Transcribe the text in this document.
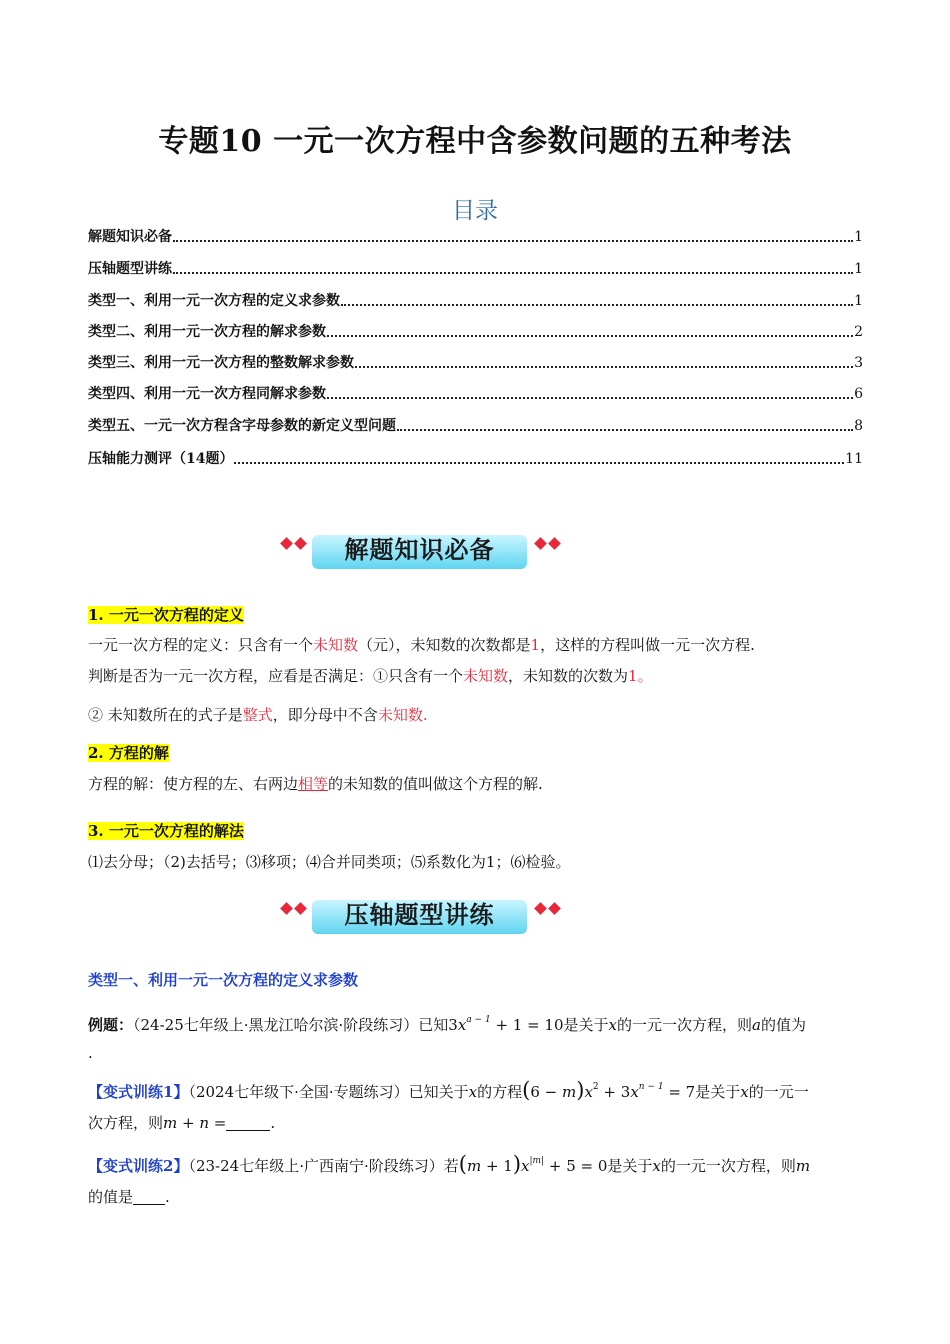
专题10 一元一次方程中含参数问题的五种考法
目录
解题知识必备	1
压轴题型讲练	1
类型一、利用一元一次方程的定义求参数	1
类型二、利用一元一次方程的解求参数	2
类型三、利用一元一次方程的整数解求参数	3
类型四、利用一元一次方程同解求参数	6
类型五、一元一次方程含字母参数的新定义型问题	8
压轴能力测评（14题）	11
解题知识必备
1. 一元一次方程的定义
一元一次方程的定义：只含有一个未知数（元），未知数的次数都是1，这样的方程叫做一元一次方程.
判断是否为一元一次方程，应看是否满足：①只含有一个未知数，未知数的次数为1。
② 未知数所在的式子是整式，即分母中不含未知数.
2. 方程的解
方程的解：使方程的左、右两边相等的未知数的值叫做这个方程的解.
3. 一元一次方程的解法
⑴去分母；（2)去括号；⑶移项；⑷合并同类项；⑸系数化为1；⑹检验。
压轴题型讲练
类型一、利用一元一次方程的定义求参数
例题：（24-25七年级上·黑龙江哈尔滨·阶段练习）已知$3x^{a - 1} + 1 = 10$是关于x的一元一次方程，则a的值为
.
【变式训练1】（2024七年级下·全国·专题练习）已知关于x的方程$(6 - m)x^2 + 3x^{n - 1} = 7$是关于x的一元一
次方程，则m + n =	.
【变式训练2】（23-24七年级上·广西南宁·阶段练习）若$(m + 1)x^{|m|} + 5 = 0$是关于x的一元一次方程，则m
的值是 .
